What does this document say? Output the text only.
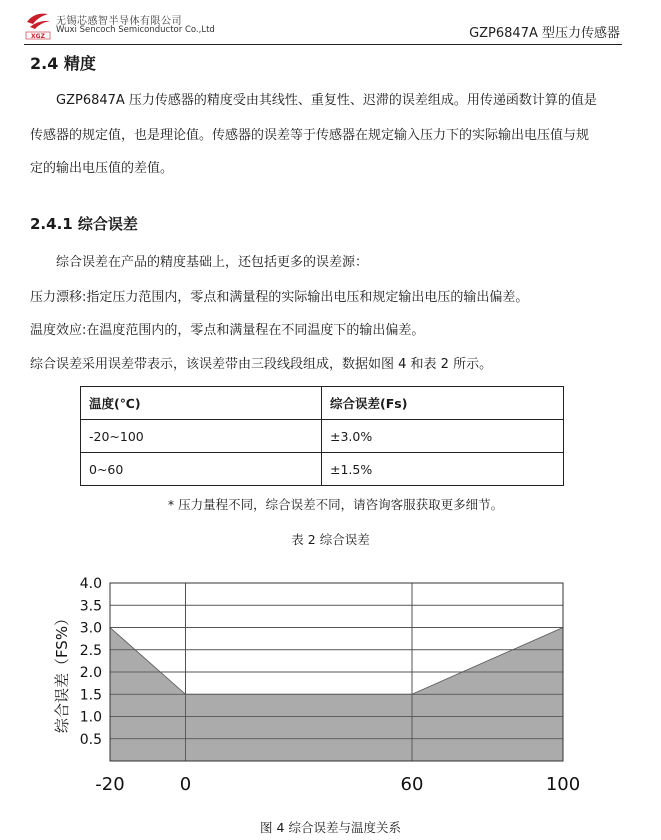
XGZ
无锡芯感智半导体有限公司
Wuxi Sencoch Semiconductor Co.,Ltd	GZP6847A 型压力传感器
2.4 精度
GZP6847A 压力传感器的精度受由其线性、重复性、迟滞的误差组成。用传递函数计算的值是
传感器的规定值，也是理论值。传感器的误差等于传感器在规定输入压力下的实际输出电压值与规
定的输出电压值的差值。
2.4.1 综合误差
综合误差在产品的精度基础上，还包括更多的误差源：
压力漂移:指定压力范围内，零点和满量程的实际输出电压和规定输出电压的输出偏差。
温度效应:在温度范围内的，零点和满量程在不同温度下的输出偏差。
综合误差采用误差带表示，该误差带由三段线段组成，数据如图 4 和表 2 所示。
温度(℃)	综合误差(Fs)
-20~100	±3.0%
0~60	±1.5%
* 压力量程不同，综合误差不同，请咨询客服获取更多细节。
表 2 综合误差
4.0
3.5
3.0
2.5
2.0
1.5
1.0
0.5
-20	0	60	100
综合误差（FS%）
图 4 综合误差与温度关系
